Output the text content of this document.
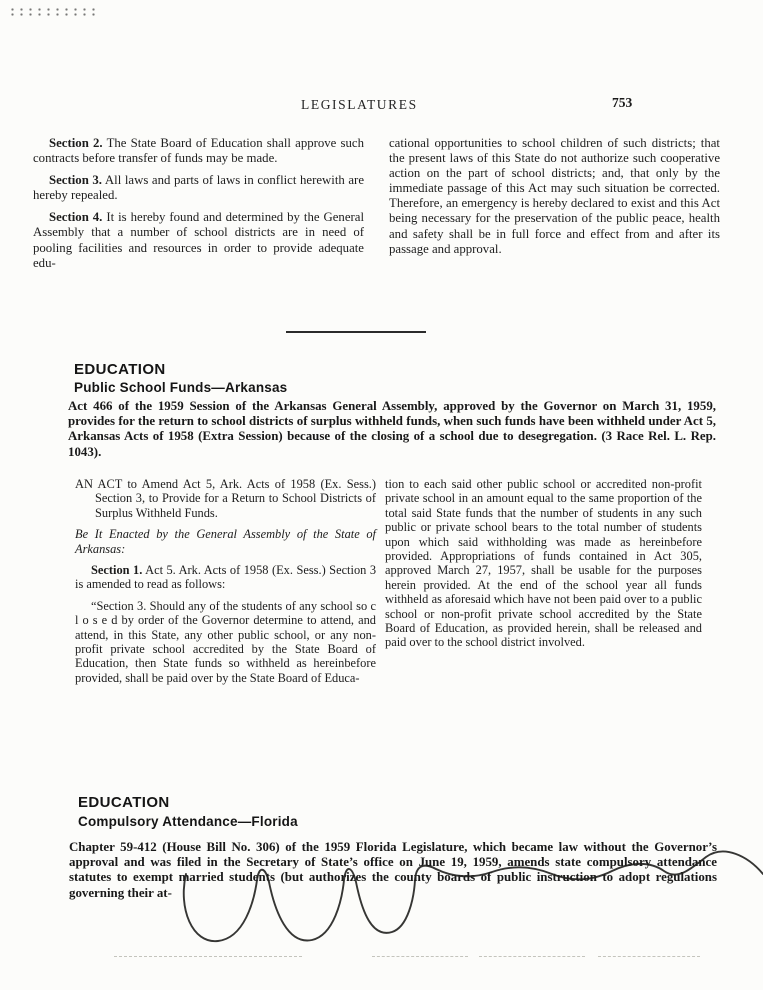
LEGISLATURES	753

Section 2. The State Board of Education shall approve such contracts before transfer of funds may be made.

Section 3. All laws and parts of laws in conflict herewith are hereby repealed.

Section 4. It is hereby found and determined by the General Assembly that a number of school districts are in need of pooling facilities and resources in order to provide adequate edu-

cational opportunities to school children of such districts; that the present laws of this State do not authorize such cooperative action on the part of school districts; and, that only by the immediate passage of this Act may such situation be corrected. Therefore, an emergency is hereby declared to exist and this Act being necessary for the preservation of the public peace, health and safety shall be in full force and effect from and after its passage and approval.

EDUCATION
Public School Funds—Arkansas
Act 466 of the 1959 Session of the Arkansas General Assembly, approved by the Governor on March 31, 1959, provides for the return to school districts of surplus withheld funds, when such funds have been withheld under Act 5, Arkansas Acts of 1958 (Extra Session) because of the closing of a school due to desegregation. (3 Race Rel. L. Rep. 1043).

AN ACT to Amend Act 5, Ark. Acts of 1958 (Ex. Sess.) Section 3, to Provide for a Return to School Districts of Surplus Withheld Funds.

Be It Enacted by the General Assembly of the State of Arkansas:

Section 1. Act 5. Ark. Acts of 1958 (Ex. Sess.) Section 3 is amended to read as follows:

“Section 3. Should any of the students of any school so c l o s e d by order of the Governor determine to attend, and attend, in this State, any other public school, or any non-profit private school accredited by the State Board of Education, then State funds so withheld as hereinbefore provided, shall be paid over by the State Board of Educa-

tion to each said other public school or accredited non-profit private school in an amount equal to the same proportion of the total said State funds that the number of students in any such public or private school bears to the total number of students upon which said withholding was made as hereinbefore provided. Appropriations of funds contained in Act 305, approved March 27, 1957, shall be usable for the purposes herein provided. At the end of the school year all funds withheld as aforesaid which have not been paid over to a public school or non-profit private school accredited by the State Board of Education, as provided herein, shall be released and paid over to the school district involved.

EDUCATION
Compulsory Attendance—Florida
Chapter 59-412 (House Bill No. 306) of the 1959 Florida Legislature, which became law without the Governor’s approval and was filed in the Secretary of State’s office on June 19, 1959, amends state compulsory attendance statutes to exempt married students (but authorizes the county boards of public instruction to adopt regulations governing their at-
